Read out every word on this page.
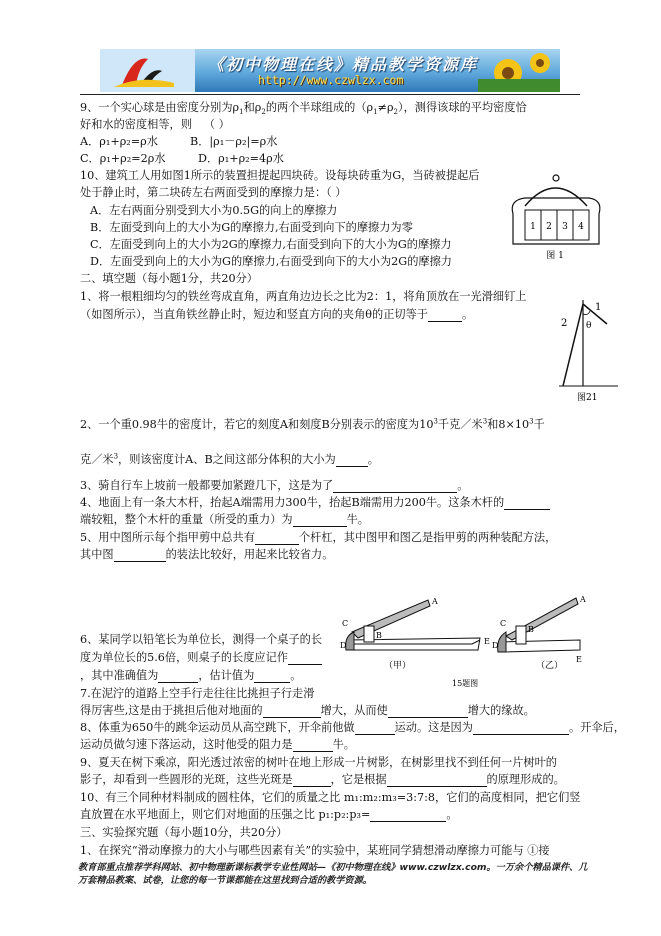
《初中物理在线》精品教学资源库
http://www.czwlzx.com
9、一个实心球是由密度分别为$\rho_1$和$\rho_2$的两个半球组成的$(\rho_1\ne\rho_2)$，测得该球的平均密度恰
好和水的密度相等，则 （ ）
A．ρ₁+ρ₂=ρ水	B．|ρ₁－ρ₂|=ρ水
C．ρ₁+ρ₂=2ρ水	D．ρ₁+ρ₂=4ρ水
10、建筑工人用如图1所示的装置担提起四块砖。设每块砖重为G，当砖被提起后
处于静止时，第二块砖左右两面受到的摩擦力是：（ ）
A．左右两面分别受到大小为0.5G的向上的摩擦力
B．左面受到向上的大小为G的摩擦力,右面受到向下的摩擦力为零
C．左面受到向上的大小为2G的摩擦力,右面受到向下的大小为G的摩擦力
D．左面受到向上的大小为G的摩擦力,右面受到向下的大小为2G的摩擦力
1 2 3 4
图 1
二、填空题（每小题1分，共20分）
1、将一根粗细均匀的铁丝弯成直角，两直角边边长之比为2：1，将角顶放在一光滑细钉上
（如图所示），当直角铁丝静止时，短边和竖直方向的夹角θ的正切等于	。
2
1
θ
图21
2、一个重0.98牛的密度计，若它的刻度A和刻度B分别表示的密度为$10^3$千克／米$^3$和$8\times 10^3$千
克／米$^3$，则该密度计A、B之间这部分体积的大小为	。
3、骑自行车上坡前一般都要加紧蹬几下，这是为了	。
4、地面上有一条大木杆，抬起A端需用力300牛，抬起B端需用力200牛。这条木杆的
端较粗，整个木杆的重量（所受的重力）为	牛。
5、用中图所示每个指甲剪中总共有	个杆杠，其中图甲和图乙是指甲剪的两种装配方法，
其中图	的装法比较好，用起来比较省力。
A
C
B
D	E
（甲）
A
B
C
D
E
（乙）
15题图
6、某同学以铅笔长为单位长，测得一个桌子的长
度为单位长的5.6倍，则桌子的长度应记作
，其中准确值为	，估计值为	。
7.在泥泞的道路上空手行走往往比挑担子行走滑
得厉害些,这是由于挑担后他对地面的	增大，从而使	增大的缘故。
8、体重为650牛的跳伞运动员从高空跳下，开伞前他做	运动。这是因为	。开伞后，
运动员做匀速下落运动，这时他受的阻力是	牛。
9、夏天在树下乘凉，阳光透过浓密的树叶在地上形成一片树影，在树影里找不到任何一片树叶的
影子，却看到一些圆形的光斑，这些光斑是	，它是根据	的原理形成的。
10、有三个同种材料制成的圆柱体，它们的质量之比 m₁:m₂:m₃=3:7:8，它们的高度相同，把它们竖
直放置在水平地面上，则它们对地面的压强之比 p₁:p₂:p₃=	。
三、实验探究题（每小题10分，共20分）
1、在探究“滑动摩擦力的大小与哪些因素有关”的实验中，某班同学猜想滑动摩擦力可能与 ①接
教育部重点推荐学科网站、初中物理新课标教学专业性网站—《初中物理在线》www.czwlzx.com。一万余个精品课件、几万套精品教案、试卷，让您的每一节课都能在这里找到合适的教学资源。
